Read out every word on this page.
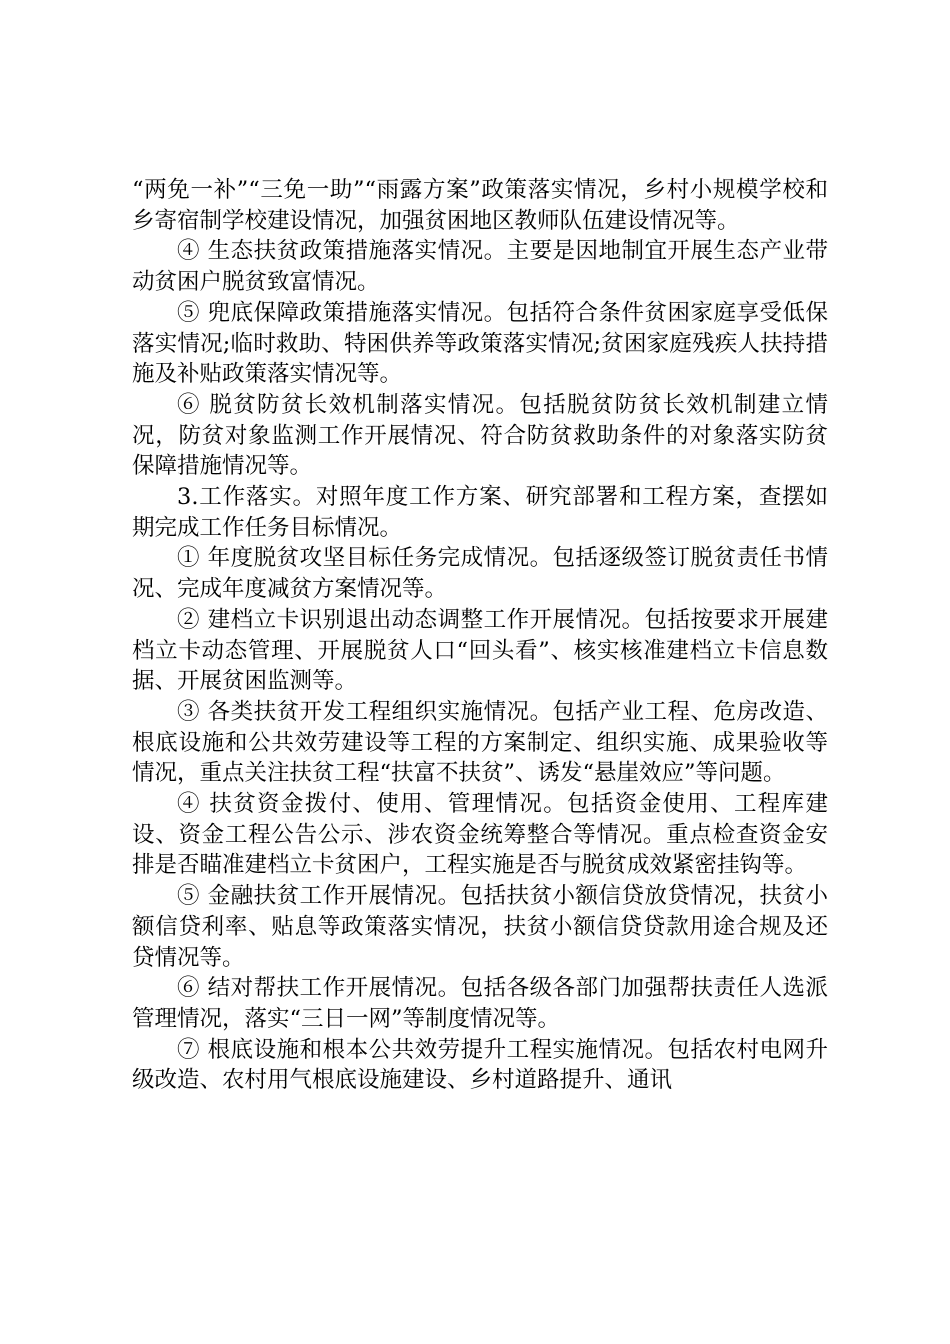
“两免一补”“三免一助”“雨露方案”政策落实情况，乡村小规模学校和乡寄宿制学校建设情况，加强贫困地区教师队伍建设情况等。

④ 生态扶贫政策措施落实情况。主要是因地制宜开展生态产业带动贫困户脱贫致富情况。

⑤ 兜底保障政策措施落实情况。包括符合条件贫困家庭享受低保落实情况;临时救助、特困供养等政策落实情况;贫困家庭残疾人扶持措施及补贴政策落实情况等。

⑥ 脱贫防贫长效机制落实情况。包括脱贫防贫长效机制建立情况，防贫对象监测工作开展情况、符合防贫救助条件的对象落实防贫保障措施情况等。

3.工作落实。对照年度工作方案、研究部署和工程方案，查摆如期完成工作任务目标情况。

① 年度脱贫攻坚目标任务完成情况。包括逐级签订脱贫责任书情况、完成年度减贫方案情况等。

② 建档立卡识别退出动态调整工作开展情况。包括按要求开展建档立卡动态管理、开展脱贫人口“回头看”、核实核准建档立卡信息数据、开展贫困监测等。

③ 各类扶贫开发工程组织实施情况。包括产业工程、危房改造、根底设施和公共效劳建设等工程的方案制定、组织实施、成果验收等情况，重点关注扶贫工程“扶富不扶贫”、诱发“悬崖效应”等问题。

④ 扶贫资金拨付、使用、管理情况。包括资金使用、工程库建设、资金工程公告公示、涉农资金统筹整合等情况。重点检查资金安排是否瞄准建档立卡贫困户，工程实施是否与脱贫成效紧密挂钩等。

⑤ 金融扶贫工作开展情况。包括扶贫小额信贷放贷情况，扶贫小额信贷利率、贴息等政策落实情况，扶贫小额信贷贷款用途合规及还贷情况等。

⑥ 结对帮扶工作开展情况。包括各级各部门加强帮扶责任人选派管理情况，落实“三日一网”等制度情况等。

⑦ 根底设施和根本公共效劳提升工程实施情况。包括农村电网升级改造、农村用气根底设施建设、乡村道路提升、通讯
